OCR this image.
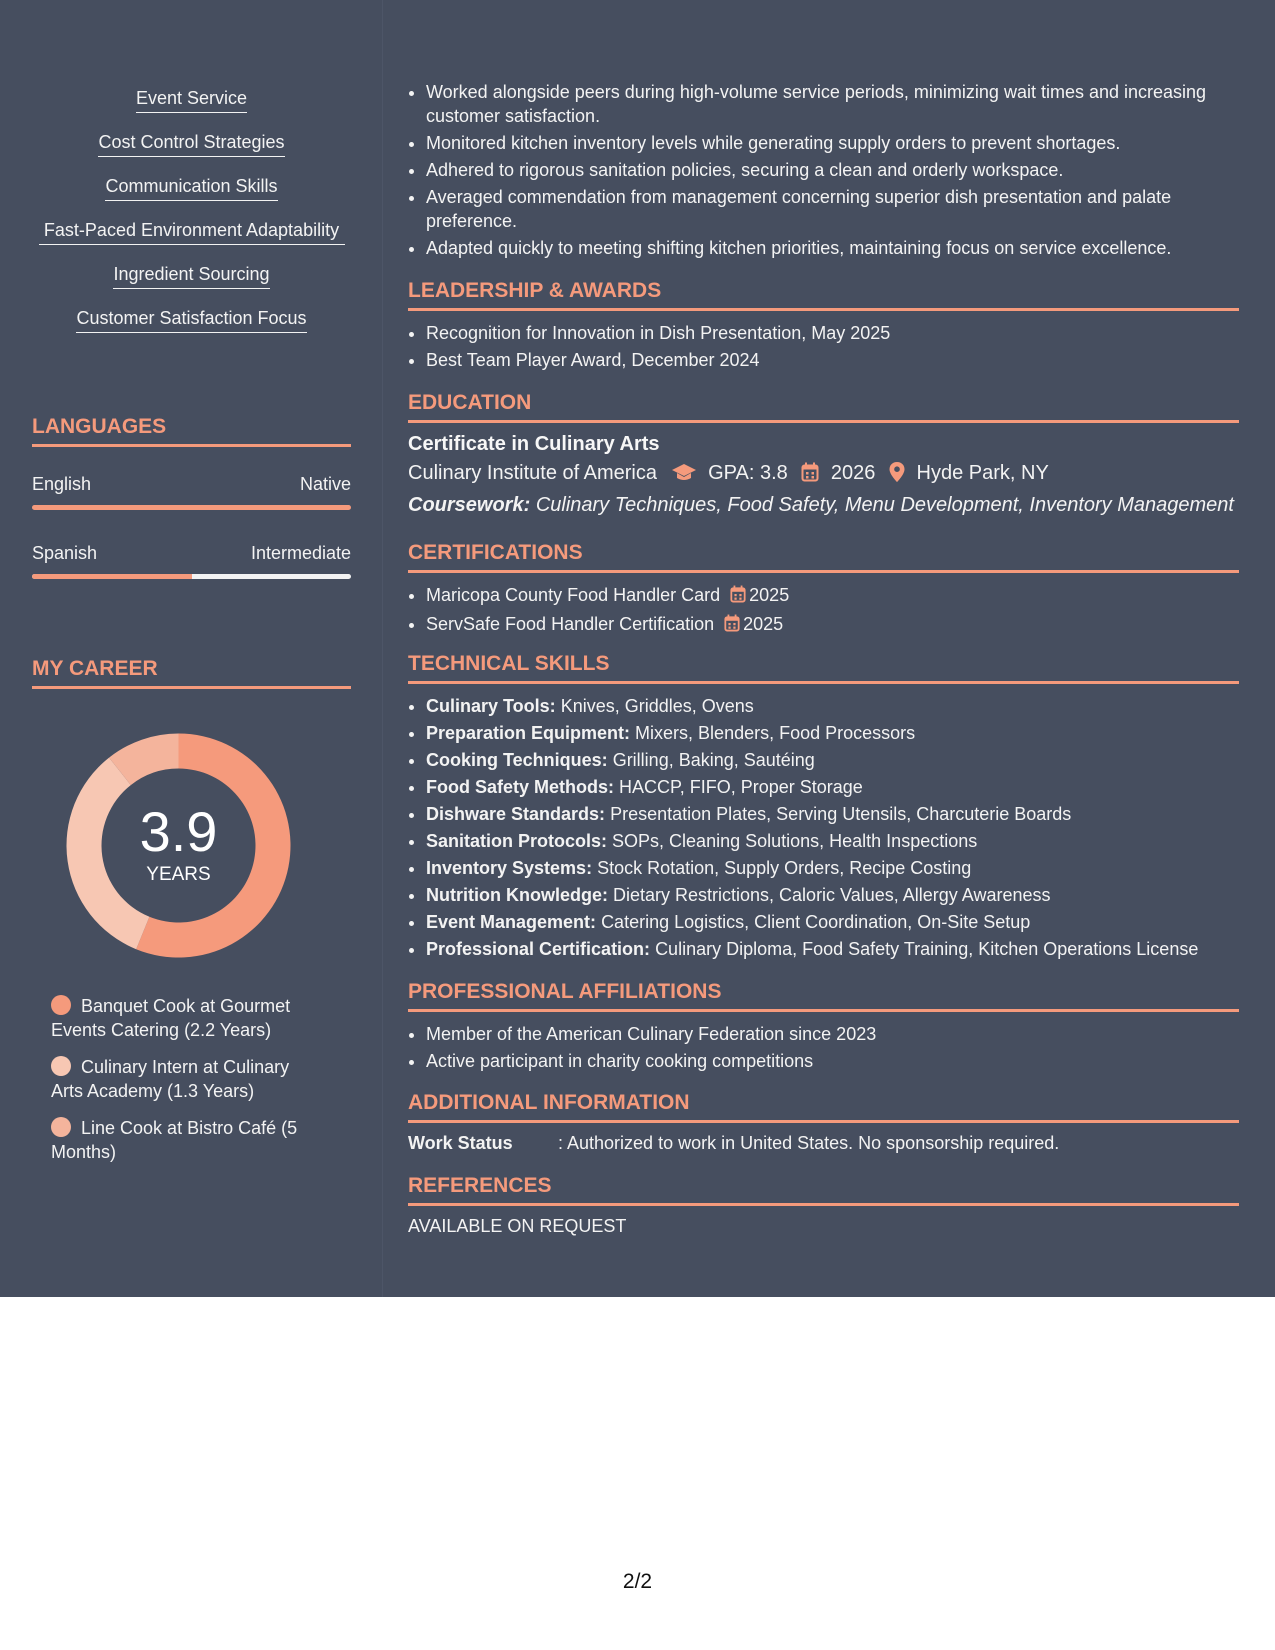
Event Service
Cost Control Strategies
Communication Skills
Fast-Paced Environment Adaptability
Ingredient Sourcing
Customer Satisfaction Focus
LANGUAGES
English	Native
Spanish	Intermediate
MY CAREER
3.9
YEARS
Banquet Cook at Gourmet Events Catering (2.2 Years)
Culinary Intern at Culinary Arts Academy (1.3 Years)
Line Cook at Bistro Café (5 Months)
• Worked alongside peers during high-volume service periods, minimizing wait times and increasing customer satisfaction.
• Monitored kitchen inventory levels while generating supply orders to prevent shortages.
• Adhered to rigorous sanitation policies, securing a clean and orderly workspace.
• Averaged commendation from management concerning superior dish presentation and palate preference.
• Adapted quickly to meeting shifting kitchen priorities, maintaining focus on service excellence.
LEADERSHIP & AWARDS
• Recognition for Innovation in Dish Presentation, May 2025
• Best Team Player Award, December 2024
EDUCATION
Certificate in Culinary Arts
Culinary Institute of America	GPA: 3.8 2026 Hyde Park, NY
Coursework: Culinary Techniques, Food Safety, Menu Development, Inventory Management
CERTIFICATIONS
• Maricopa County Food Handler Card 2025
• ServSafe Food Handler Certification 2025
TECHNICAL SKILLS
• Culinary Tools: Knives, Griddles, Ovens
• Preparation Equipment: Mixers, Blenders, Food Processors
• Cooking Techniques: Grilling, Baking, Sautéing
• Food Safety Methods: HACCP, FIFO, Proper Storage
• Dishware Standards: Presentation Plates, Serving Utensils, Charcuterie Boards
• Sanitation Protocols: SOPs, Cleaning Solutions, Health Inspections
• Inventory Systems: Stock Rotation, Supply Orders, Recipe Costing
• Nutrition Knowledge: Dietary Restrictions, Caloric Values, Allergy Awareness
• Event Management: Catering Logistics, Client Coordination, On-Site Setup
• Professional Certification: Culinary Diploma, Food Safety Training, Kitchen Operations License
PROFESSIONAL AFFILIATIONS
• Member of the American Culinary Federation since 2023
• Active participant in charity cooking competitions
ADDITIONAL INFORMATION
Work Status	: Authorized to work in United States. No sponsorship required.
REFERENCES
AVAILABLE ON REQUEST
2/2
